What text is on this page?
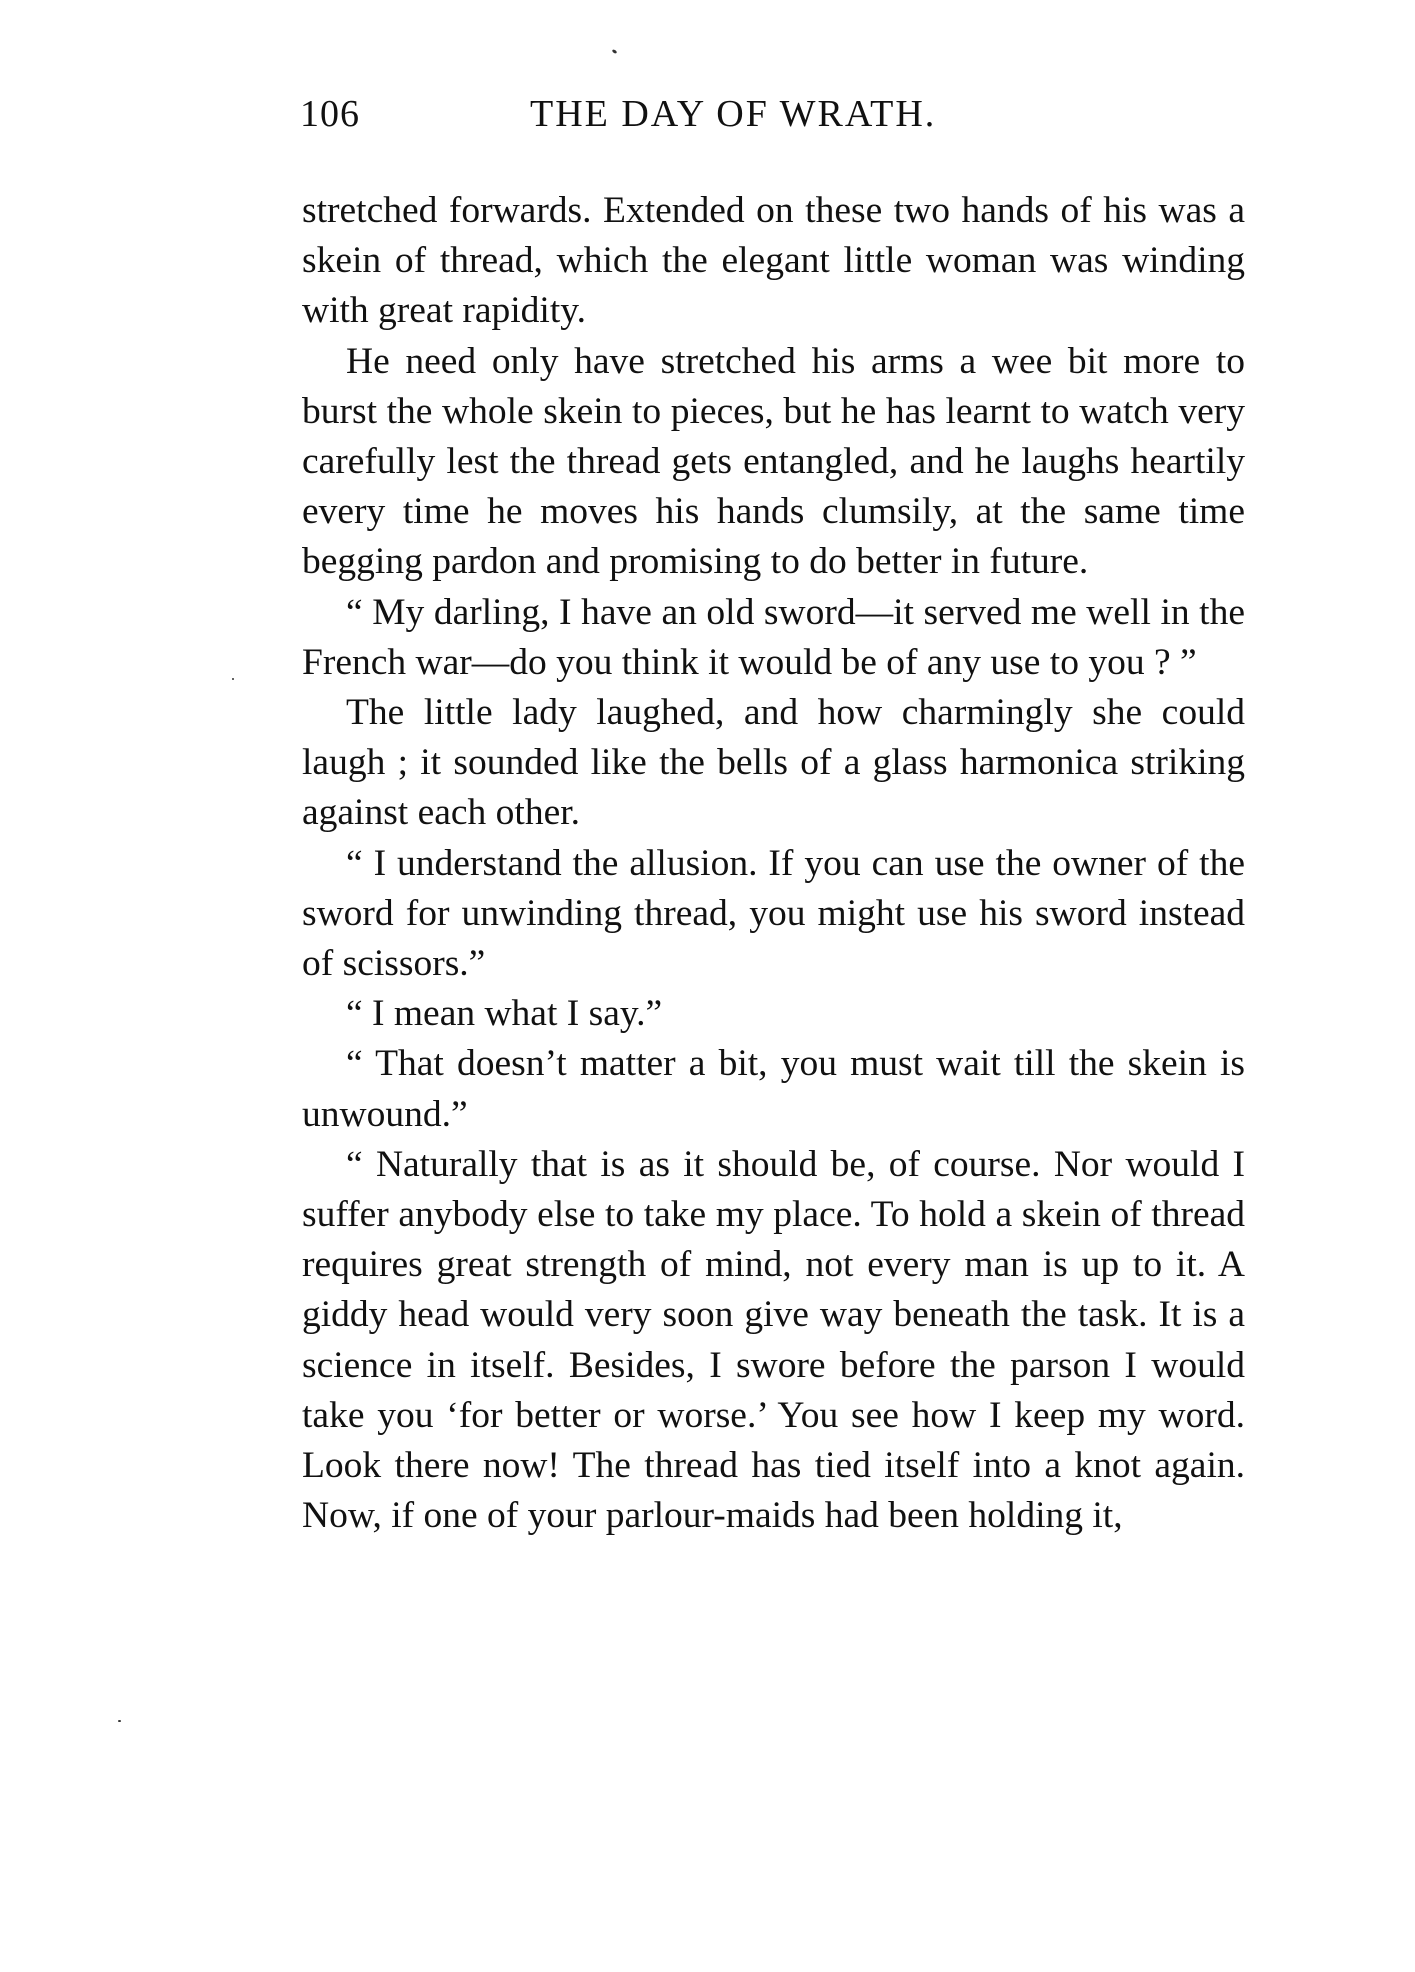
106	THE DAY OF WRATH.

stretched forwards. Extended on these two hands of his was a skein of thread, which the elegant little woman was winding with great rapidity.

He need only have stretched his arms a wee bit more to burst the whole skein to pieces, but he has learnt to watch very carefully lest the thread gets entangled, and he laughs heartily every time he moves his hands clumsily, at the same time begging pardon and promising to do better in future.

“ My darling, I have an old sword—it served me well in the French war—do you think it would be of any use to you ? ”

The little lady laughed, and how charmingly she could laugh ; it sounded like the bells of a glass harmonica striking against each other.

“ I understand the allusion. If you can use the owner of the sword for unwinding thread, you might use his sword instead of scissors.”

“ I mean what I say.”

“ That doesn’t matter a bit, you must wait till the skein is unwound.”

“ Naturally that is as it should be, of course. Nor would I suffer anybody else to take my place. To hold a skein of thread requires great strength of mind, not every man is up to it. A giddy head would very soon give way beneath the task. It is a science in itself. Besides, I swore before the parson I would take you ‘for better or worse.’ You see how I keep my word. Look there now! The thread has tied itself into a knot again. Now, if one of your parlour-maids had been holding it,
